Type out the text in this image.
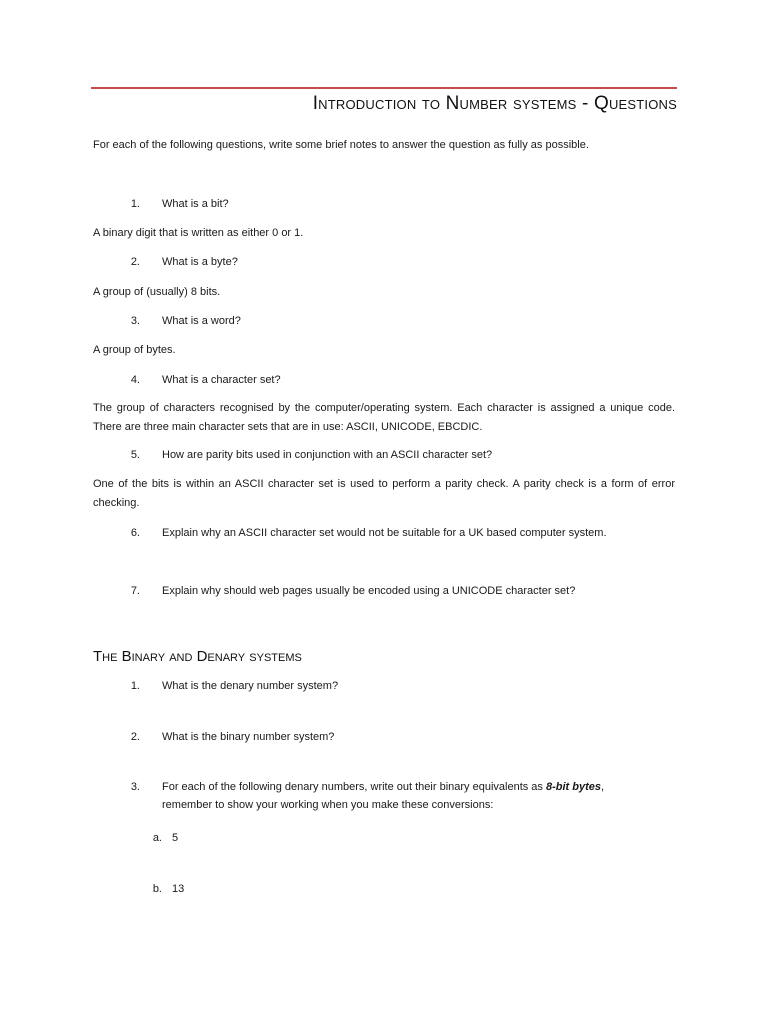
Introduction to Number systems - Questions
For each of the following questions, write some brief notes to answer the question as fully as possible.
1. What is a bit?
A binary digit that is written as either 0 or 1.
2. What is a byte?
A group of (usually) 8 bits.
3. What is a word?
A group of bytes.
4. What is a character set?
The group of characters recognised by the computer/operating system. Each character is assigned a unique code. There are three main character sets that are in use: ASCII, UNICODE, EBCDIC.
5. How are parity bits used in conjunction with an ASCII character set?
One of the bits is within an ASCII character set is used to perform a parity check. A parity check is a form of error checking.
6. Explain why an ASCII character set would not be suitable for a UK based computer system.
7. Explain why should web pages usually be encoded using a UNICODE character set?
The Binary and Denary systems
1. What is the denary number system?
2. What is the binary number system?
3. For each of the following denary numbers, write out their binary equivalents as 8-bit bytes, remember to show your working when you make these conversions:
a. 5
b. 13
